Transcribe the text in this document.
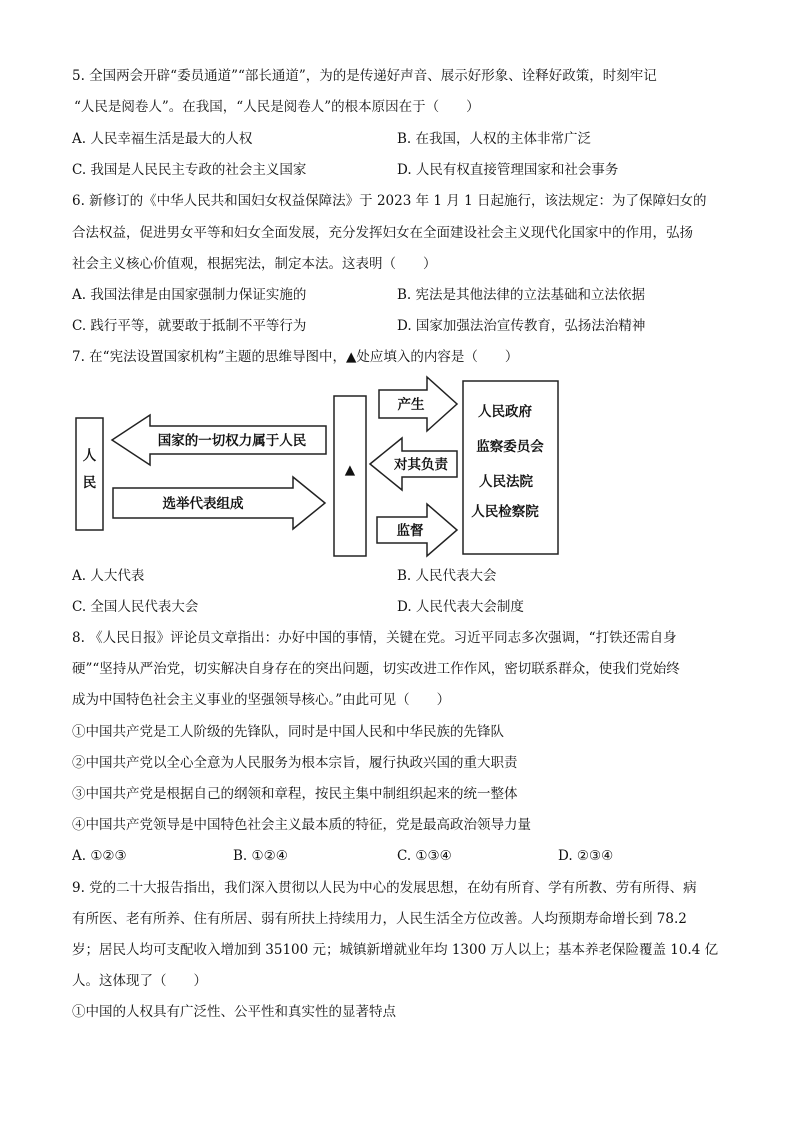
5. 全国两会开辟“委员通道”“部长通道”，为的是传递好声音、展示好形象、诠释好政策，时刻牢记
“人民是阅卷人”。在我国，“人民是阅卷人”的根本原因在于（　　）
A. 人民幸福生活是最大的人权	B. 在我国，人权的主体非常广泛
C. 我国是人民民主专政的社会主义国家	D. 人民有权直接管理国家和社会事务
6. 新修订的《中华人民共和国妇女权益保障法》于 2023 年 1 月 1 日起施行，该法规定：为了保障妇女的
合法权益，促进男女平等和妇女全面发展，充分发挥妇女在全面建设社会主义现代化国家中的作用，弘扬
社会主义核心价值观，根据宪法，制定本法。这表明（　　）
A. 我国法律是由国家强制力保证实施的	B. 宪法是其他法律的立法基础和立法依据
C. 践行平等，就要敢于抵制不平等行为	D. 国家加强法治宣传教育，弘扬法治精神
7. 在“宪法设置国家机构”主题的思维导图中，▲处应填入的内容是（　　）
人
民
国家的一切权力属于人民
选举代表组成
▲
产生
对其负责
监督
人民政府
监察委员会
人民法院
人民检察院
A. 人大代表	B. 人民代表大会
C. 全国人民代表大会	D. 人民代表大会制度
8. 《人民日报》评论员文章指出：办好中国的事情，关键在党。习近平同志多次强调，“打铁还需自身
硬”“坚持从严治党，切实解决自身存在的突出问题，切实改进工作作风，密切联系群众，使我们党始终
成为中国特色社会主义事业的坚强领导核心。”由此可见（　　）
①中国共产党是工人阶级的先锋队，同时是中国人民和中华民族的先锋队
②中国共产党以全心全意为人民服务为根本宗旨，履行执政兴国的重大职责
③中国共产党是根据自己的纲领和章程，按民主集中制组织起来的统一整体
④中国共产党领导是中国特色社会主义最本质的特征，党是最高政治领导力量
A. ①②③	B. ①②④	C. ①③④	D. ②③④
9. 党的二十大报告指出，我们深入贯彻以人民为中心的发展思想，在幼有所育、学有所教、劳有所得、病
有所医、老有所养、住有所居、弱有所扶上持续用力，人民生活全方位改善。人均预期寿命增长到 78.2
岁；居民人均可支配收入增加到 35100 元；城镇新增就业年均 1300 万人以上；基本养老保险覆盖 10.4 亿
人。这体现了（　　）
①中国的人权具有广泛性、公平性和真实性的显著特点
